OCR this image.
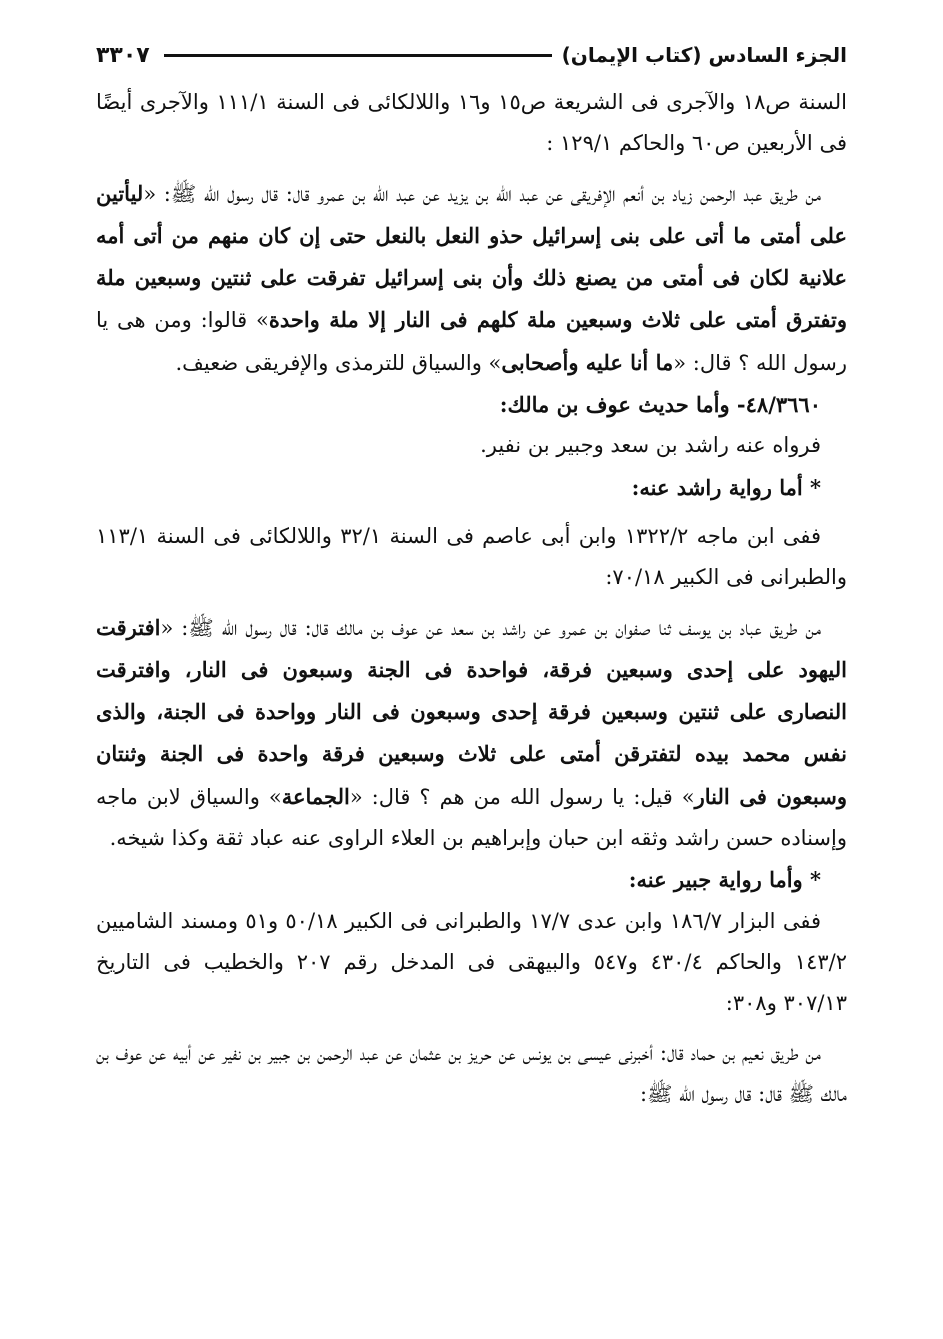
الجزء السادس (كتاب الإيمان)
٣٣٠٧

السنة ص١٨ والآجرى فى الشريعة ص١٥ و١٦ واللالكائى فى السنة ١١١/١ والآجرى أيضًا فى الأربعين ص٦٠ والحاكم ١٢٩/١ :

من طريق عبد الرحمن زياد بن أنعم الإفريقى عن عبد الله بن يزيد عن عبد الله بن عمرو قال: قال رسول الله ﷺ: «ليأتين على أمتى ما أتى على بنى إسرائيل حذو النعل بالنعل حتى إن كان منهم من أتى أمه علانية لكان فى أمتى من يصنع ذلك وأن بنى إسرائيل تفرقت على ثنتين وسبعين ملة وتفترق أمتى على ثلاث وسبعين ملة كلهم فى النار إلا ملة واحدة» قالوا: ومن هى يا رسول الله ؟ قال: «ما أنا عليه وأصحابى» والسياق للترمذى والإفريقى ضعيف.

٤٨/٣٦٦٠- وأما حديث عوف بن مالك:

فرواه عنه راشد بن سعد وجبير بن نفير.

* أما رواية راشد عنه:

ففى ابن ماجه ١٣٢٢/٢ وابن أبى عاصم فى السنة ٣٢/١ واللالكائى فى السنة ١١٣/١ والطبرانى فى الكبير ٧٠/١٨:

من طريق عباد بن يوسف ثنا صفوان بن عمرو عن راشد بن سعد عن عوف بن مالك قال: قال رسول الله ﷺ: «افترقت اليهود على إحدى وسبعين فرقة، فواحدة فى الجنة وسبعون فى النار، وافترقت النصارى على ثنتين وسبعين فرقة إحدى وسبعون فى النار وواحدة فى الجنة، والذى نفس محمد بيده لتفترقن أمتى على ثلاث وسبعين فرقة واحدة فى الجنة وثنتان وسبعون فى النار» قيل: يا رسول الله من هم ؟ قال: «الجماعة» والسياق لابن ماجه وإسناده حسن راشد وثقه ابن حبان وإبراهيم بن العلاء الراوى عنه عباد ثقة وكذا شيخه.

* وأما رواية جبير عنه:

ففى البزار ١٨٦/٧ وابن عدى ١٧/٧ والطبرانى فى الكبير ٥٠/١٨ و٥١ ومسند الشاميين ١٤٣/٢ والحاكم ٤٣٠/٤ و٥٤٧ والبيهقى فى المدخل رقم ٢٠٧ والخطيب فى التاريخ ٣٠٧/١٣ و٣٠٨:

من طريق نعيم بن حماد قال: أخبرنى عيسى بن يونس عن حريز بن عثمان عن عبد الرحمن بن جبير بن نفير عن أبيه عن عوف بن مالك ﷺ قال: قال رسول الله ﷺ:
